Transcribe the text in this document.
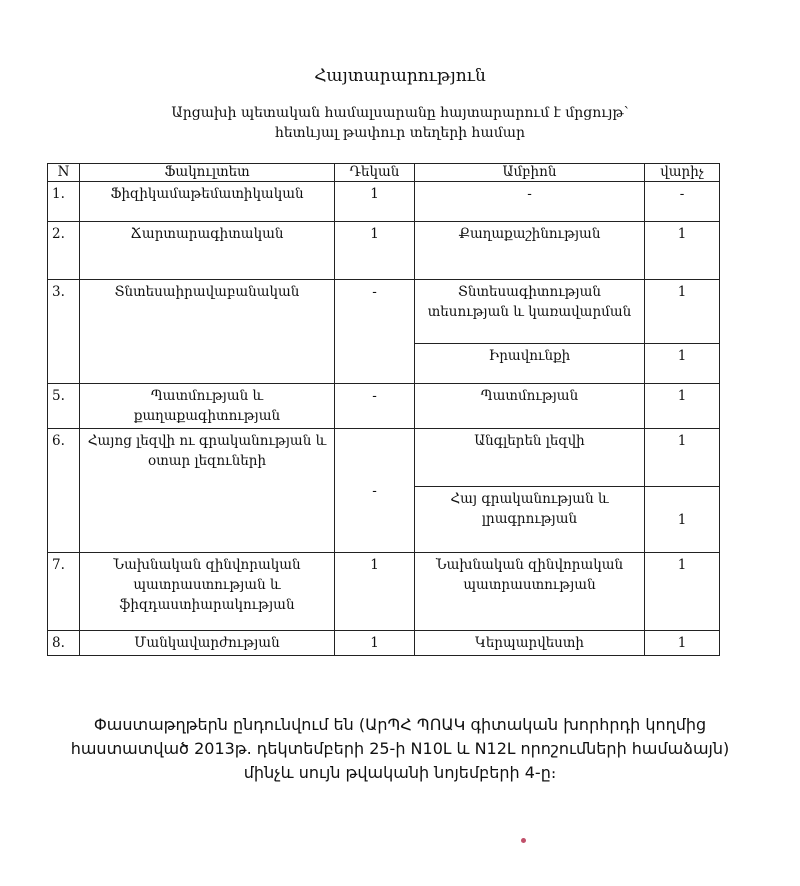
Հայտարարություն
Արցախի պետական համալսարանը հայտարարում է մրցույթ՝
հետևյալ թափուր տեղերի համար
N	Ֆակուլտետ	Դեկան	Ամբիոն	վարիչ
1.	Ֆիզիկամաթեմատիկական	1	-	-
2.	Ճարտարագիտական	1	Քաղաքաշինության	1
3.	Տնտեսաիրավաբանական	-	Տնտեսագիտության տեսության և կառավարման	1
			Իրավունքի	1
5.	Պատմության և քաղաքագիտության	-	Պատմության	1
6.	Հայոց լեզվի ու գրականության և օտար լեզուների	-	Անգլերեն լեզվի	1
			Հայ գրականության և լրագրության	1
7.	Նախնական զինվորական պատրաստության և ֆիզդաստիարակության	1	Նախնական զինվորական պատրաստության	1
8.	Մանկավարժության	1	Կերպարվեստի	1
Փաստաթղթերն ընդունվում են (ԱրՊՀ ՊՈԱԿ գիտական խորհրդի կողմից հաստատված 2013թ. դեկտեմբերի 25-ի N10Լ և N12Լ որոշումների համաձայն) մինչև սույն թվականի նոյեմբերի 4-ը։
